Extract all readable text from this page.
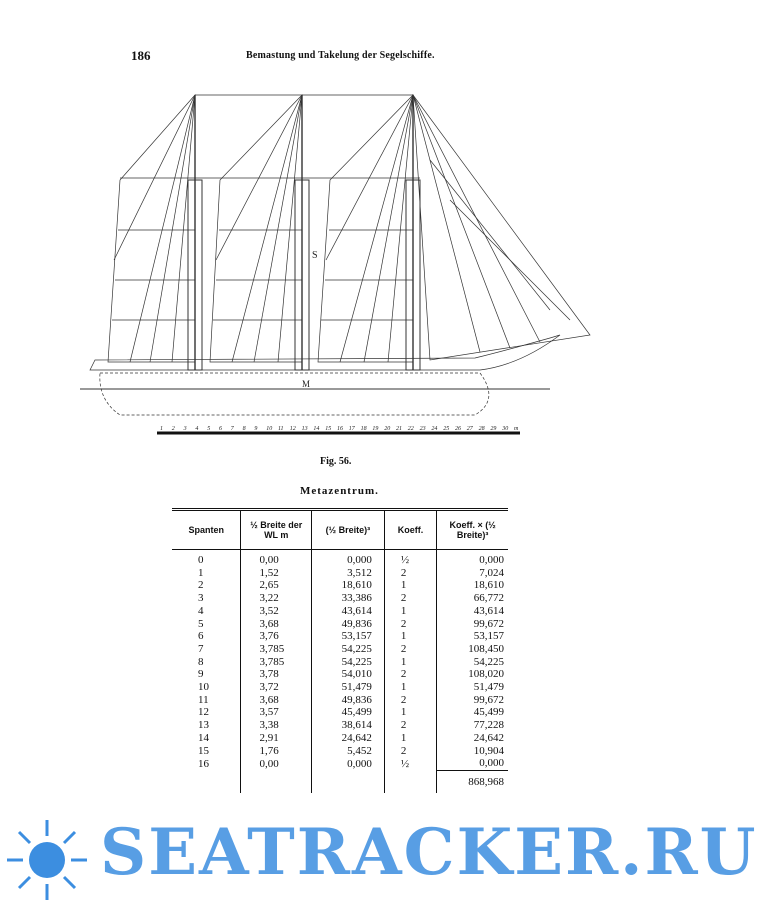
186	Bemastung und Takelung der Segelschiffe.
S
M
1 2 3 4 5 6 7 8 9 10 11 12 13 14 15 16 17 18 19 20 21 22 23 24 25 26 27 28 29 30 m
Fig. 56.
Metazentrum.
Spanten	½ Breite der WL m	(½ Breite)³	Koeff.	Koeff. × (½ Breite)³
0	0,00	0,000	½	0,000
1	1,52	3,512	2	7,024
2	2,65	18,610	1	18,610
3	3,22	33,386	2	66,772
4	3,52	43,614	1	43,614
5	3,68	49,836	2	99,672
6	3,76	53,157	1	53,157
7	3,785	54,225	2	108,450
8	3,785	54,225	1	54,225
9	3,78	54,010	2	108,020
10	3,72	51,479	1	51,479
11	3,68	49,836	2	99,672
12	3,57	45,499	1	45,499
13	3,38	38,614	2	77,228
14	2,91	24,642	1	24,642
15	1,76	5,452	2	10,904
16	0,00	0,000	½	0,000
				868,968
SEATRACKER.RU
